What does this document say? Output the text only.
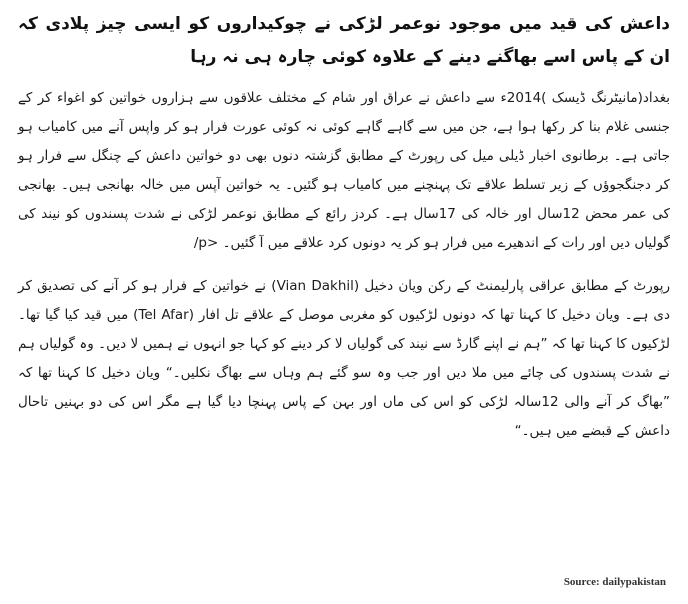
داعش کی قید میں موجود نوعمر لڑکی نے چوکیداروں کو ایسی چیز پلادی کہ ان کے پاس اسے بھاگنے دینے کے علاوہ کوئی چارہ ہی نہ رہا

بغداد(مانیٹرنگ ڈیسک )2014ء سے داعش نے عراق اور شام کے مختلف علاقوں سے ہزاروں خواتین کو اغواء کر کے جنسی غلام بنا کر رکھا ہوا ہے، جن میں سے گاہے گاہے کوئی نہ کوئی عورت فرار ہو کر واپس آنے میں کامیاب ہو جاتی ہے۔ برطانوی اخبار ڈیلی میل کی رپورٹ کے مطابق گزشتہ دنوں بھی دو خواتین داعش کے چنگل سے فرار ہو کر دجنگجوؤں کے زیر تسلط علاقے تک پہنچنے میں کامیاب ہو گئیں۔ یہ خواتین آپس میں خالہ بھانجی ہیں۔ بھانجی کی عمر محض 12سال اور خالہ کی 17سال ہے۔ کردز رائع کے مطابق نوعمر لڑکی نے شدت پسندوں کو نیند کی گولیاں دیں اور رات کے اندھیرے میں فرار ہو کر یہ دونوں کرد علاقے میں آ گئیں۔ <p/

رپورٹ کے مطابق عراقی پارلیمنٹ کے رکن ویان دخیل (Vian Dakhil) نے خواتین کے فرار ہو کر آنے کی تصدیق کر دی ہے۔ ویان دخیل کا کہنا تھا کہ دونوں لڑکیوں کو مغربی موصل کے علاقے تل افار (Tel Afar) میں قید کیا گیا تھا۔ لڑکیوں کا کہنا تھا کہ ”ہم نے اپنے گارڈ سے نیند کی گولیاں لا کر دینے کو کہا جو انہوں نے ہمیں لا دیں۔ وہ گولیاں ہم نے شدت پسندوں کی چائے میں ملا دیں اور جب وہ سو گئے ہم وہاں سے بھاگ نکلیں۔“ ویان دخیل کا کہنا تھا کہ ”بھاگ کر آنے والی 12سالہ لڑکی کو اس کی ماں اور بہن کے پاس پہنچا دیا گیا ہے مگر اس کی دو بہنیں تاحال داعش کے قبضے میں ہیں۔“

Source: dailypakistan
